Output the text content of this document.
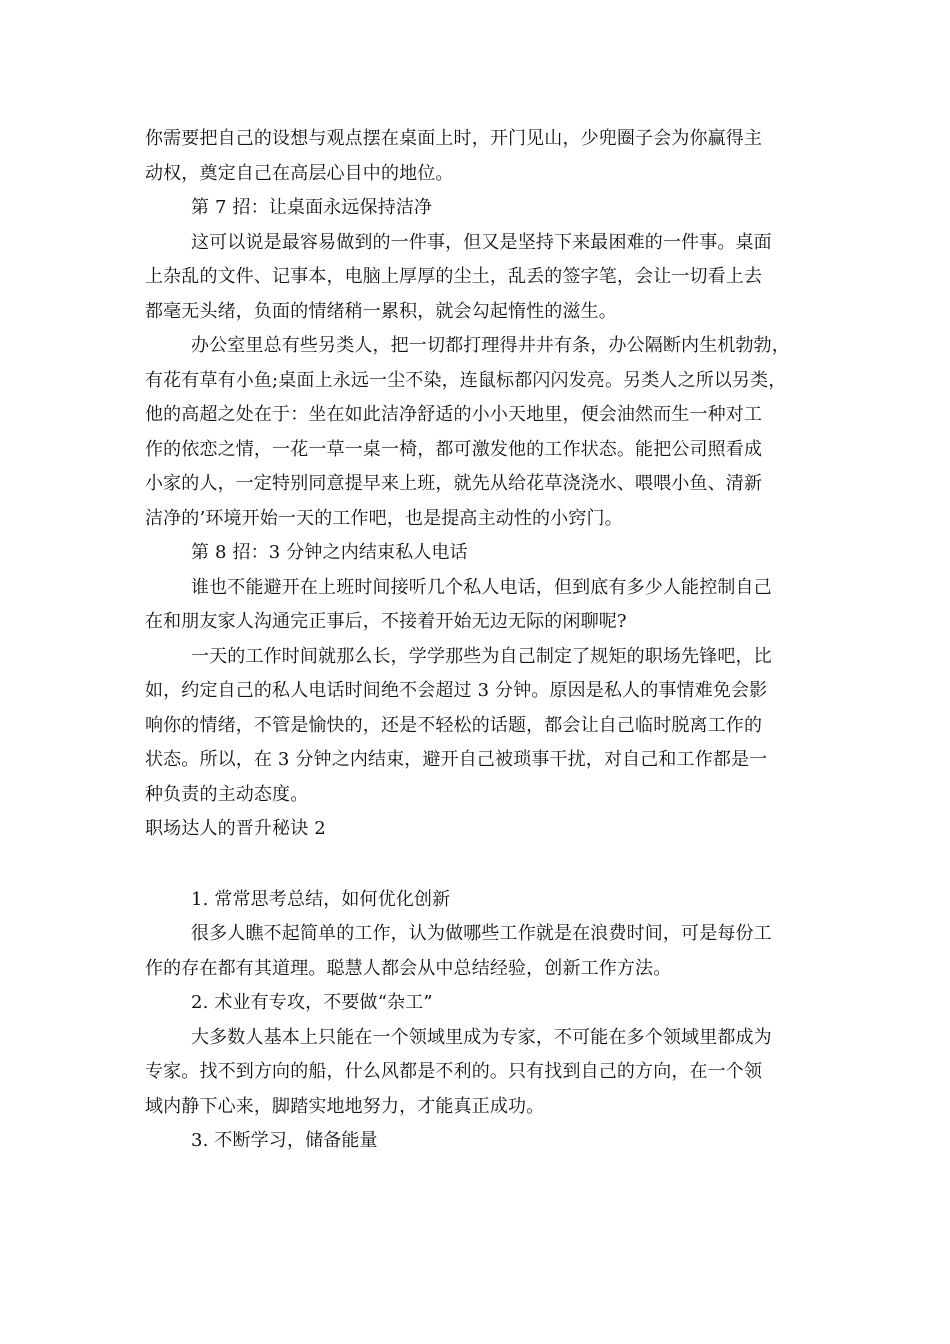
你需要把自己的设想与观点摆在桌面上时，开门见山，少兜圈子会为你赢得主
动权，奠定自己在高层心目中的地位。
第 7 招：让桌面永远保持洁净
这可以说是最容易做到的一件事，但又是坚持下来最困难的一件事。桌面
上杂乱的文件、记事本，电脑上厚厚的尘土，乱丢的签字笔，会让一切看上去
都毫无头绪，负面的情绪稍一累积，就会勾起惰性的滋生。
办公室里总有些另类人，把一切都打理得井井有条，办公隔断内生机勃勃，
有花有草有小鱼;桌面上永远一尘不染，连鼠标都闪闪发亮。另类人之所以另类，
他的高超之处在于：坐在如此洁净舒适的小小天地里，便会油然而生一种对工
作的依恋之情，一花一草一桌一椅，都可激发他的工作状态。能把公司照看成
小家的人，一定特别同意提早来上班，就先从给花草浇浇水、喂喂小鱼、清新
洁净的’环境开始一天的工作吧，也是提高主动性的小窍门。
第 8 招：3 分钟之内结束私人电话
谁也不能避开在上班时间接听几个私人电话，但到底有多少人能控制自己
在和朋友家人沟通完正事后，不接着开始无边无际的闲聊呢?
一天的工作时间就那么长，学学那些为自己制定了规矩的职场先锋吧，比
如，约定自己的私人电话时间绝不会超过 3 分钟。原因是私人的事情难免会影
响你的情绪，不管是愉快的，还是不轻松的话题，都会让自己临时脱离工作的
状态。所以，在 3 分钟之内结束，避开自己被琐事干扰，对自己和工作都是一
种负责的主动态度。
职场达人的晋升秘诀 2
1. 常常思考总结，如何优化创新
很多人瞧不起简单的工作，认为做哪些工作就是在浪费时间，可是每份工
作的存在都有其道理。聪慧人都会从中总结经验，创新工作方法。
2. 术业有专攻，不要做“杂工”
大多数人基本上只能在一个领域里成为专家，不可能在多个领域里都成为
专家。找不到方向的船，什么风都是不利的。只有找到自己的方向，在一个领
域内静下心来，脚踏实地地努力，才能真正成功。
3. 不断学习，储备能量
